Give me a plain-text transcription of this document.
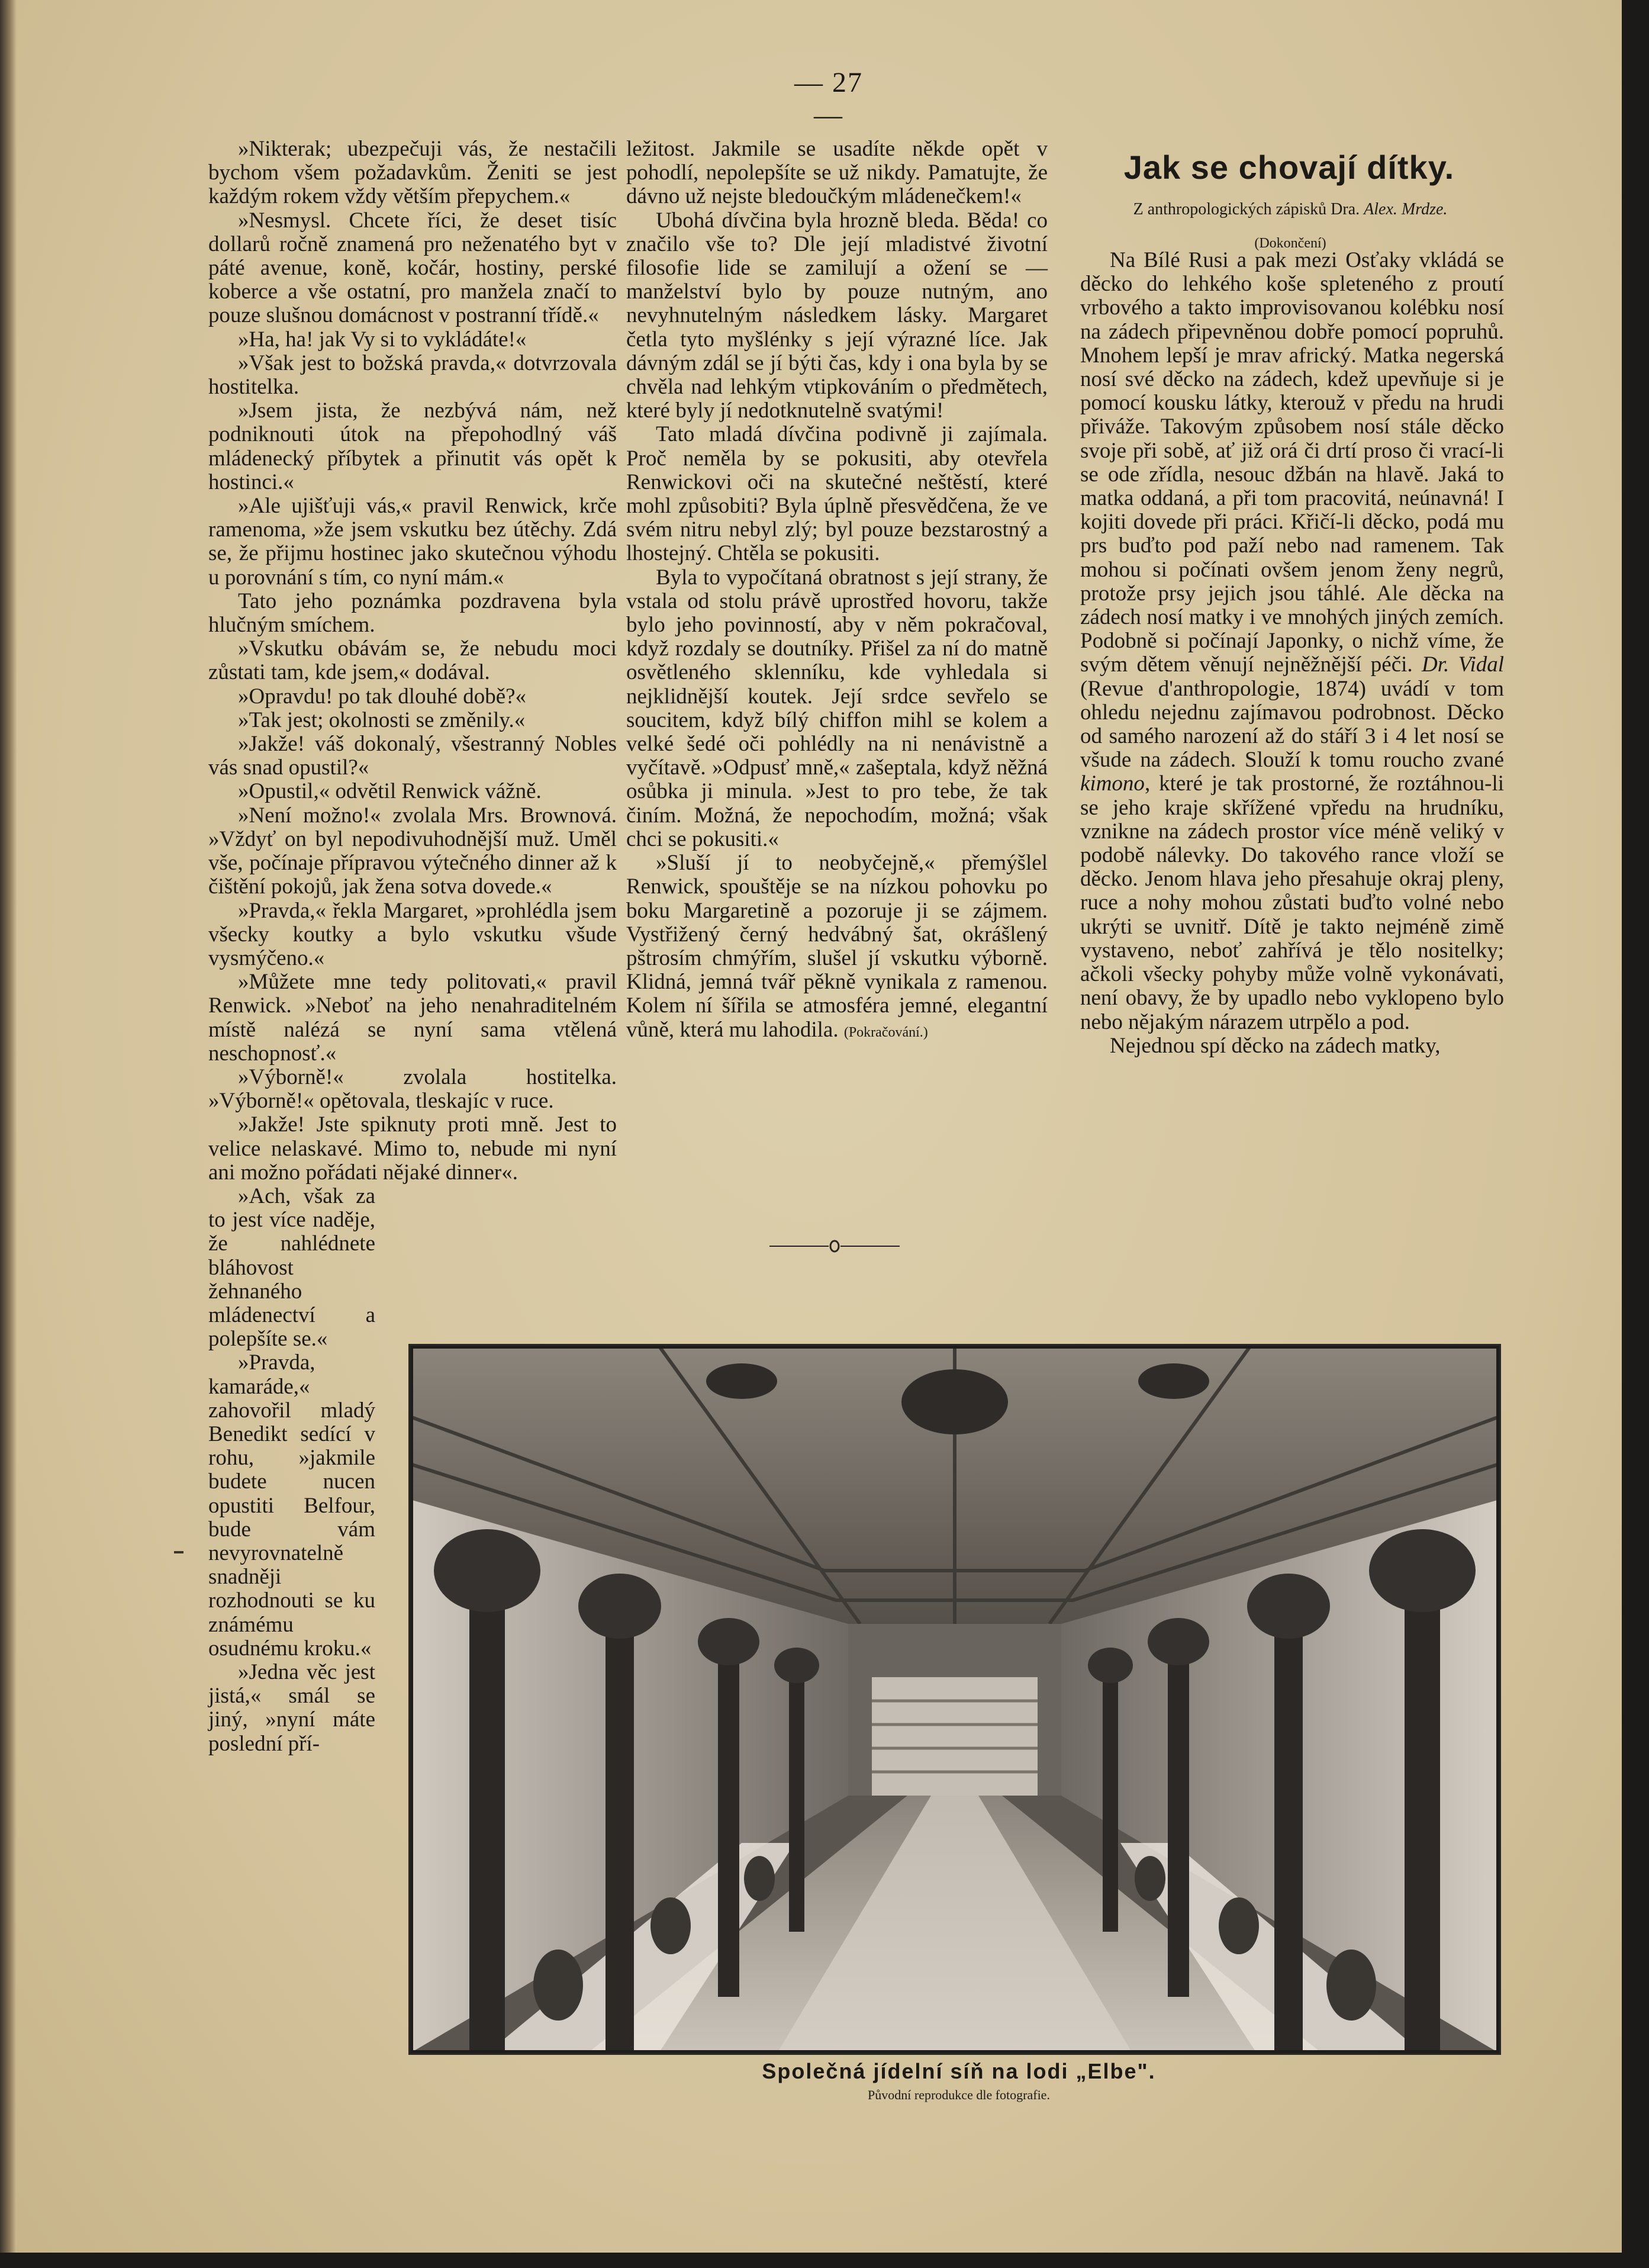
— 27 —

»Nikterak; ubezpečuji vás, že nestačili bychom všem požadavkům. Ženiti se jest každým rokem vždy větším přepychem.«

»Nesmysl. Chcete říci, že deset tisíc dollarů ročně znamená pro neženatého byt v páté avenue, koně, kočár, hostiny, perské koberce a vše ostatní, pro manžela značí to pouze slušnou domácnost v postranní třídě.«

»Ha, ha! jak Vy si to vykládáte!«

»Však jest to božská pravda,« dotvrzovala hostitelka.

»Jsem jista, že nezbývá nám, než podniknouti útok na přepohodlný váš mládenecký příbytek a přinutit vás opět k hostinci.«

»Ale ujišťuji vás,« pravil Renwick, krče ramenoma, »že jsem vskutku bez útěchy. Zdá se, že přijmu hostinec jako skutečnou výhodu u porovnání s tím, co nyní mám.«

Tato jeho poznámka pozdravena byla hlučným smíchem.

»Vskutku obávám se, že nebudu moci zůstati tam, kde jsem,« dodával.

»Opravdu! po tak dlouhé době?«

»Tak jest; okolnosti se změnily.«

»Jakže! váš dokonalý, všestranný Nobles vás snad opustil?«

»Opustil,« odvětil Renwick vážně.

»Není možno!« zvolala Mrs. Brownová. »Vždyť on byl nepodivuhodnější muž. Uměl vše, počínaje přípravou výtečného dinner až k čištění pokojů, jak žena sotva dovede.«

»Pravda,« řekla Margaret, »prohlédla jsem všecky koutky a bylo vskutku všude vysmýčeno.«

»Můžete mne tedy politovati,« pravil Renwick. »Neboť na jeho nenahraditelném místě nalézá se nyní sama vtělená neschopnosť.«

»Výborně!« zvolala hostitelka. »Výborně!« opětovala, tleskajíc v ruce.

»Jakže! Jste spiknuty proti mně. Jest to velice nelaskavé. Mimo to, nebude mi nyní ani možno pořádati nějaké dinner«.

»Ach, však za to jest více naděje, že nahlédnete bláhovost žehnaného mládenectví a polepšíte se.«

»Pravda, kamaráde,« zahovořil mladý Benedikt sedící v rohu, »jakmile budete nucen opustiti Belfour, bude vám nevyrovnatelně snadněji rozhodnouti se ku známému osudnému kroku.«

»Jedna věc jest jistá,« smál se jiný, »nyní máte poslední pří-

ležitost. Jakmile se usadíte někde opět v pohodlí, nepolepšíte se už nikdy. Pamatujte, že dávno už nejste bledoučkým mládenečkem!«

Ubohá dívčina byla hrozně bleda. Běda! co značilo vše to? Dle její mladistvé životní filosofie lide se zamilují a ožení se — manželství bylo by pouze nutným, ano nevyhnutelným následkem lásky. Margaret četla tyto myšlénky s její výrazné líce. Jak dávným zdál se jí býti čas, kdy i ona byla by se chvěla nad lehkým vtipkováním o předmětech, které byly jí nedotknutelně svatými!

Tato mladá dívčina podivně ji zajímala. Proč neměla by se pokusiti, aby otevřela Renwickovi oči na skutečné neštěstí, které mohl způsobiti? Byla úplně přesvědčena, že ve svém nitru nebyl zlý; byl pouze bezstarostný a lhostejný. Chtěla se pokusiti.

Byla to vypočítaná obratnost s její strany, že vstala od stolu právě uprostřed hovoru, takže bylo jeho povinností, aby v něm pokračoval, když rozdaly se doutníky. Přišel za ní do matně osvětleného sklenníku, kde vyhledala si nejklidnější koutek. Její srdce sevřelo se soucitem, když bílý chiffon mihl se kolem a velké šedé oči pohlédly na ni nenávistně a vyčítavě. »Odpusť mně,« zašeptala, když něžná osůbka ji minula. »Jest to pro tebe, že tak činím. Možná, že nepochodím, možná; však chci se pokusiti.«

»Sluší jí to neobyčejně,« přemýšlel Renwick, spouštěje se na nízkou pohovku po boku Margaretině a pozoruje ji se zájmem. Vystřižený černý hedvábný šat, okrášlený pštrosím chmýřím, slušel jí vskutku výborně. Klidná, jemná tvář pěkně vynikala z ramenou. Kolem ní šířila se atmosféra jemné, elegantní vůně, která mu lahodila. (Pokračování.)

Jak se chovají dítky.
Z anthropologických zápisků Dra. Alex. Mrdze.
(Dokončení)

Na Bílé Rusi a pak mezi Osťaky vkládá se děcko do lehkého koše spleteného z proutí vrbového a takto improvisovanou kolébku nosí na zádech připevněnou dobře pomocí popruhů. Mnohem lepší je mrav africký. Matka negerská nosí své děcko na zádech, kdež upevňuje si je pomocí kousku látky, kterouž v předu na hrudi přiváže. Takovým způsobem nosí stále děcko svoje při sobě, ať již orá či drtí proso či vrací-li se ode zřídla, nesouc džbán na hlavě. Jaká to matka oddaná, a při tom pracovitá, neúnavná! I kojiti dovede při práci. Křičí-li děcko, podá mu prs buďto pod paží nebo nad ramenem. Tak mohou si počínati ovšem jenom ženy negrů, protože prsy jejich jsou táhlé. Ale děcka na zádech nosí matky i ve mnohých jiných zemích. Podobně si počínají Japonky, o nichž víme, že svým dětem věnují nejněžnější péči. Dr. Vidal (Revue d'anthropologie, 1874) uvádí v tom ohledu nejednu zajímavou podrobnost. Děcko od samého narození až do stáří 3 i 4 let nosí se všude na zádech. Slouží k tomu roucho zvané kimono, které je tak prostorné, že roztáhnou-li se jeho kraje skřížené vpředu na hrudníku, vznikne na zádech prostor více méně veliký v podobě nálevky. Do takového rance vloží se děcko. Jenom hlava jeho přesahuje okraj pleny, ruce a nohy mohou zůstati buďto volné nebo ukrýti se uvnitř. Dítě je takto nejméně zimě vystaveno, neboť zahřívá je tělo nositelky; ačkoli všecky pohyby může volně vykonávati, není obavy, že by upadlo nebo vyklopeno bylo nebo nějakým nárazem utrpělo a pod.

Nejednou spí děcko na zádech matky,

Společná jídelní síň na lodi „Elbe".
Původní reprodukce dle fotografie.
